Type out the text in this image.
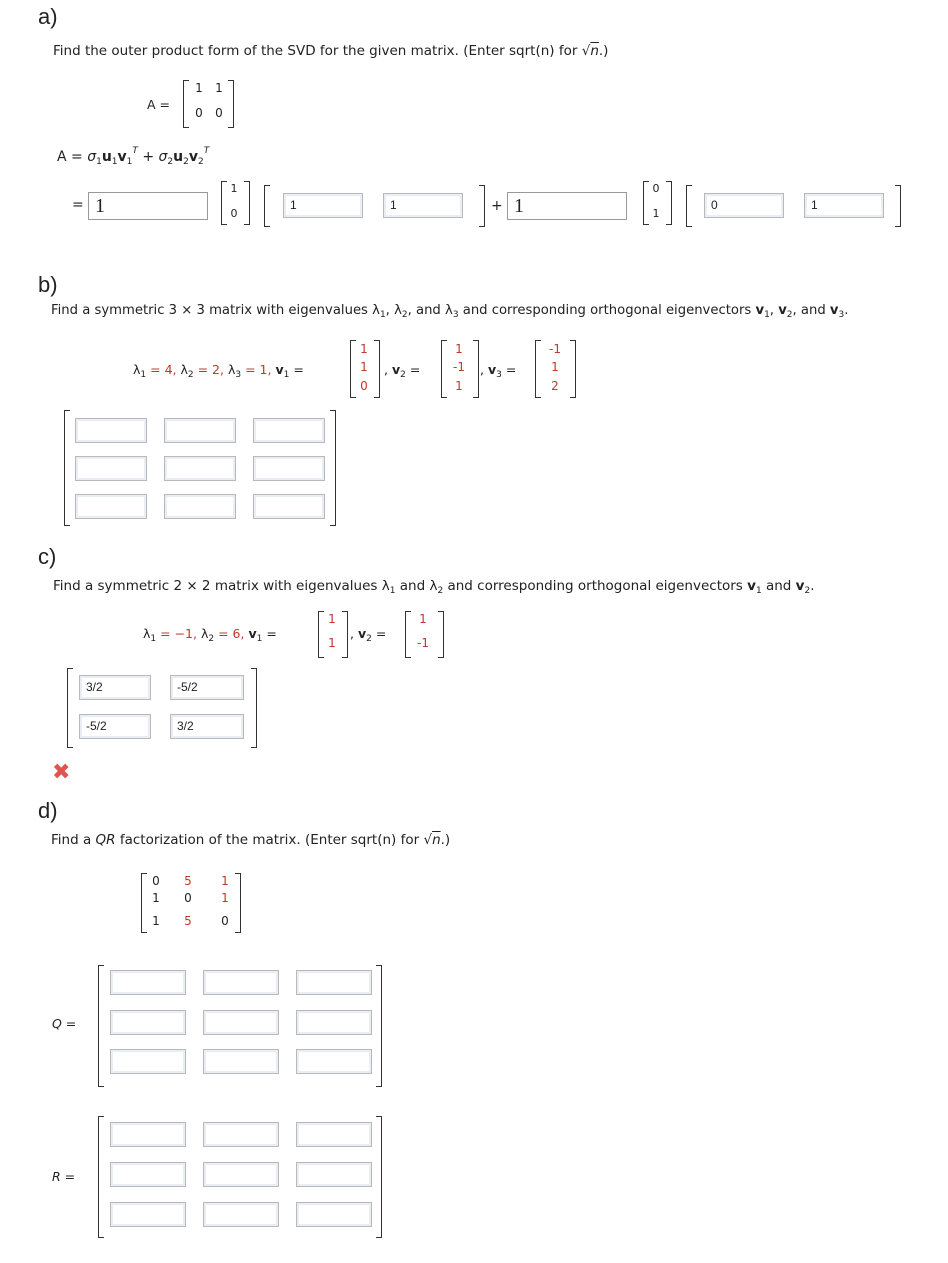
a)
Find the outer product form of the SVD for the given matrix. (Enter sqrt(n) for √n.)
A =
1 1
0 0
$A = \sigma_1u_1v_1^T + \sigma_2u_2v_2^T$
= 1
1
0
1	1	+ 1
0
1
0	1
b)
Find a symmetric 3 × 3 matrix with eigenvalues $\lambda_1$, $\lambda_2$, and $\lambda_3$ and corresponding orthogonal eigenvectors $v_1$, $v_2$, and $v_3$.
$\lambda_1 = 4$, $\lambda_2 = 2$, $\lambda_3 = 1$, $v_1$ =
1
1
0
, $v_2$ =
1
-1
1
, $v_3$ =
-1
1
2
c)
Find a symmetric 2 × 2 matrix with eigenvalues $\lambda_1$ and $\lambda_2$ and corresponding orthogonal eigenvectors $v_1$ and $v_2$.
$\lambda_1 = -1$, $\lambda_2 = 6$, $v_1$ =
1
1
, $v_2$ =
1
-1
3/2	-5/2
-5/2	3/2
✖
d)
Find a QR factorization of the matrix. (Enter sqrt(n) for √n.)
0 5 1
1 0 1
1 5 0
Q =
R =
